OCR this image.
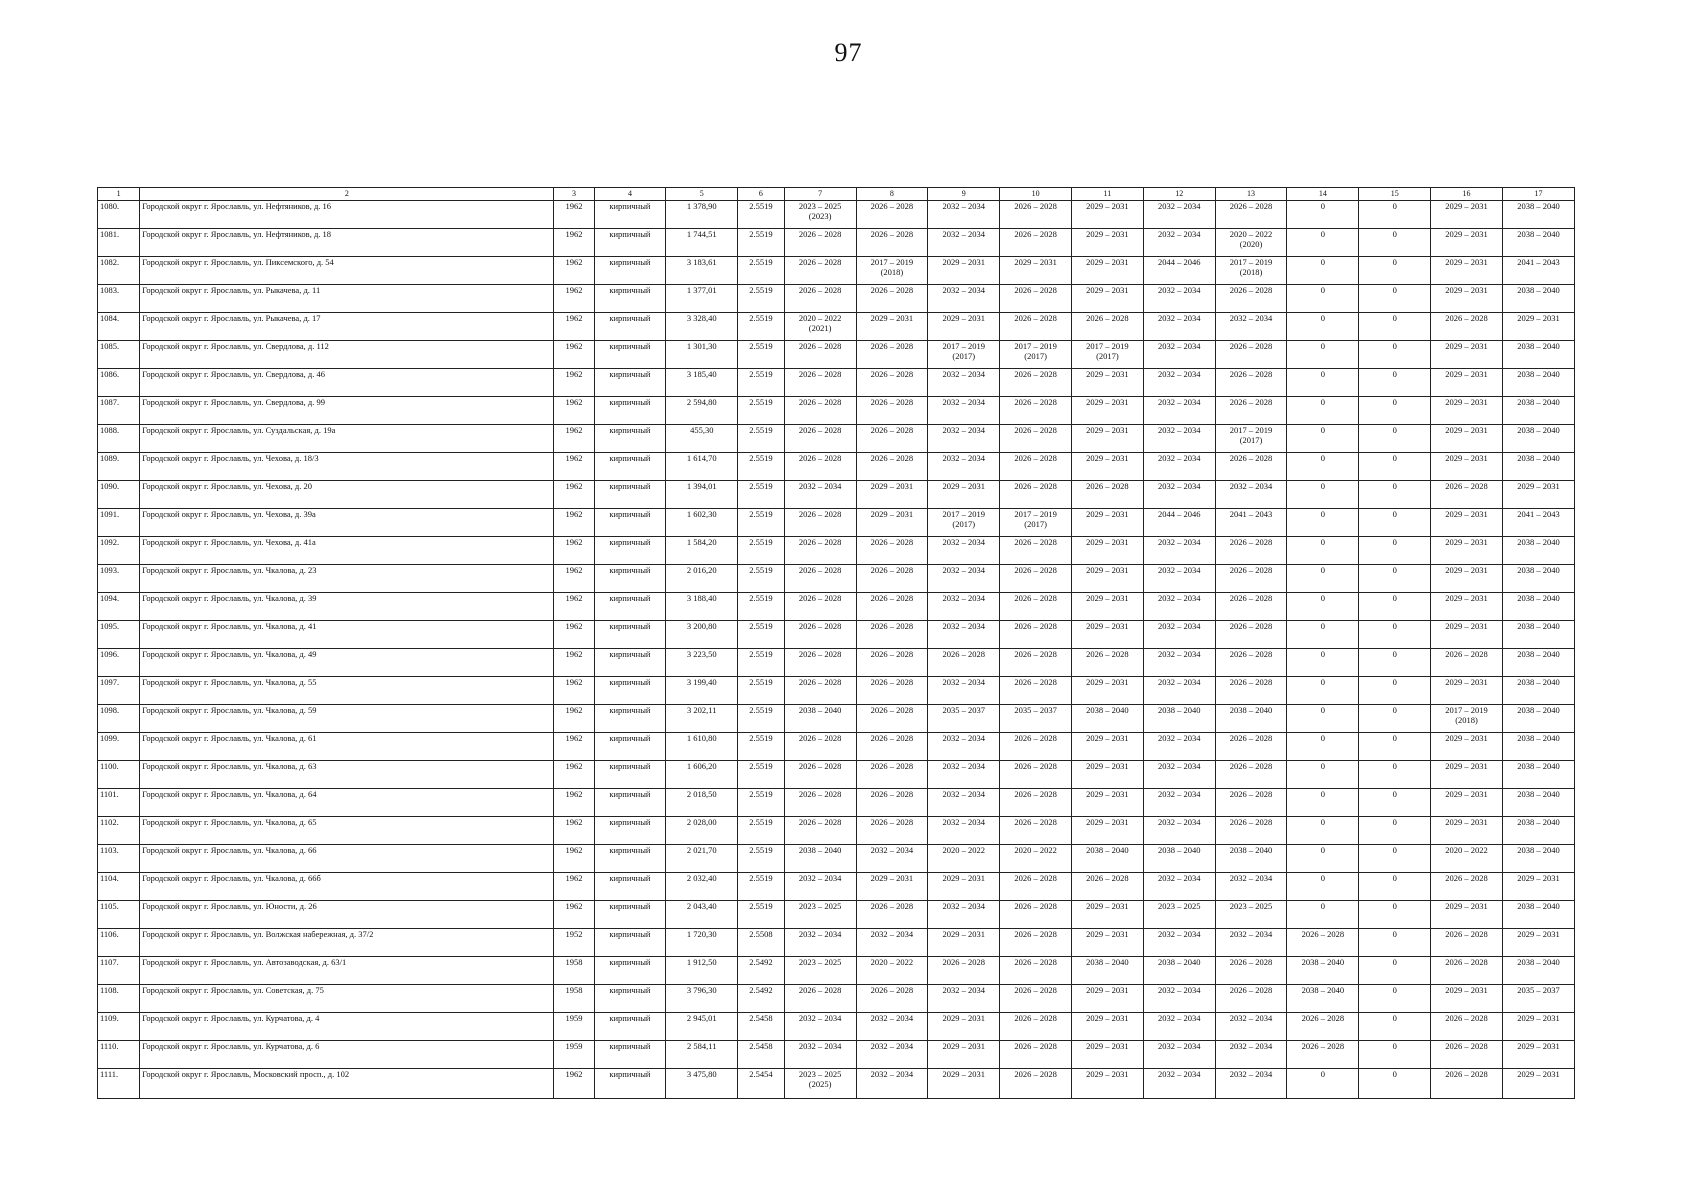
97
1	2	3	4	5	6	7	8	9	10	11	12	13	14	15	16	17
1080.	Городской округ г. Ярославль, ул. Нефтяников, д. 16	1962	кирпичный	1 378,90	2.5519	2023 – 2025 (2023)	2026 – 2028	2032 – 2034	2026 – 2028	2029 – 2031	2032 – 2034	2026 – 2028	0	0	2029 – 2031	2038 – 2040
1081.	Городской округ г. Ярославль, ул. Нефтяников, д. 18	1962	кирпичный	1 744,51	2.5519	2026 – 2028	2026 – 2028	2032 – 2034	2026 – 2028	2029 – 2031	2032 – 2034	2020 – 2022 (2020)	0	0	2029 – 2031	2038 – 2040
1082.	Городской округ г. Ярославль, ул. Пиксемского, д. 54	1962	кирпичный	3 183,61	2.5519	2026 – 2028	2017 – 2019 (2018)	2029 – 2031	2029 – 2031	2029 – 2031	2044 – 2046	2017 – 2019 (2018)	0	0	2029 – 2031	2041 – 2043
1083.	Городской округ г. Ярославль, ул. Рыкачева, д. 11	1962	кирпичный	1 377,01	2.5519	2026 – 2028	2026 – 2028	2032 – 2034	2026 – 2028	2029 – 2031	2032 – 2034	2026 – 2028	0	0	2029 – 2031	2038 – 2040
1084.	Городской округ г. Ярославль, ул. Рыкачева, д. 17	1962	кирпичный	3 328,40	2.5519	2020 – 2022 (2021)	2029 – 2031	2029 – 2031	2026 – 2028	2026 – 2028	2032 – 2034	2032 – 2034	0	0	2026 – 2028	2029 – 2031
1085.	Городской округ г. Ярославль, ул. Свердлова, д. 112	1962	кирпичный	1 301,30	2.5519	2026 – 2028	2026 – 2028	2017 – 2019 (2017)	2017 – 2019 (2017)	2017 – 2019 (2017)	2032 – 2034	2026 – 2028	0	0	2029 – 2031	2038 – 2040
1086.	Городской округ г. Ярославль, ул. Свердлова, д. 46	1962	кирпичный	3 185,40	2.5519	2026 – 2028	2026 – 2028	2032 – 2034	2026 – 2028	2029 – 2031	2032 – 2034	2026 – 2028	0	0	2029 – 2031	2038 – 2040
1087.	Городской округ г. Ярославль, ул. Свердлова, д. 99	1962	кирпичный	2 594,80	2.5519	2026 – 2028	2026 – 2028	2032 – 2034	2026 – 2028	2029 – 2031	2032 – 2034	2026 – 2028	0	0	2029 – 2031	2038 – 2040
1088.	Городской округ г. Ярославль, ул. Суздальская, д. 19а	1962	кирпичный	455,30	2.5519	2026 – 2028	2026 – 2028	2032 – 2034	2026 – 2028	2029 – 2031	2032 – 2034	2017 – 2019 (2017)	0	0	2029 – 2031	2038 – 2040
1089.	Городской округ г. Ярославль, ул. Чехова, д. 18/3	1962	кирпичный	1 614,70	2.5519	2026 – 2028	2026 – 2028	2032 – 2034	2026 – 2028	2029 – 2031	2032 – 2034	2026 – 2028	0	0	2029 – 2031	2038 – 2040
1090.	Городской округ г. Ярославль, ул. Чехова, д. 20	1962	кирпичный	1 394,01	2.5519	2032 – 2034	2029 – 2031	2029 – 2031	2026 – 2028	2026 – 2028	2032 – 2034	2032 – 2034	0	0	2026 – 2028	2029 – 2031
1091.	Городской округ г. Ярославль, ул. Чехова, д. 39а	1962	кирпичный	1 602,30	2.5519	2026 – 2028	2029 – 2031	2017 – 2019 (2017)	2017 – 2019 (2017)	2029 – 2031	2044 – 2046	2041 – 2043	0	0	2029 – 2031	2041 – 2043
1092.	Городской округ г. Ярославль, ул. Чехова, д. 41а	1962	кирпичный	1 584,20	2.5519	2026 – 2028	2026 – 2028	2032 – 2034	2026 – 2028	2029 – 2031	2032 – 2034	2026 – 2028	0	0	2029 – 2031	2038 – 2040
1093.	Городской округ г. Ярославль, ул. Чкалова, д. 23	1962	кирпичный	2 016,20	2.5519	2026 – 2028	2026 – 2028	2032 – 2034	2026 – 2028	2029 – 2031	2032 – 2034	2026 – 2028	0	0	2029 – 2031	2038 – 2040
1094.	Городской округ г. Ярославль, ул. Чкалова, д. 39	1962	кирпичный	3 188,40	2.5519	2026 – 2028	2026 – 2028	2032 – 2034	2026 – 2028	2029 – 2031	2032 – 2034	2026 – 2028	0	0	2029 – 2031	2038 – 2040
1095.	Городской округ г. Ярославль, ул. Чкалова, д. 41	1962	кирпичный	3 200,80	2.5519	2026 – 2028	2026 – 2028	2032 – 2034	2026 – 2028	2029 – 2031	2032 – 2034	2026 – 2028	0	0	2029 – 2031	2038 – 2040
1096.	Городской округ г. Ярославль, ул. Чкалова, д. 49	1962	кирпичный	3 223,50	2.5519	2026 – 2028	2026 – 2028	2026 – 2028	2026 – 2028	2026 – 2028	2032 – 2034	2026 – 2028	0	0	2026 – 2028	2038 – 2040
1097.	Городской округ г. Ярославль, ул. Чкалова, д. 55	1962	кирпичный	3 199,40	2.5519	2026 – 2028	2026 – 2028	2032 – 2034	2026 – 2028	2029 – 2031	2032 – 2034	2026 – 2028	0	0	2029 – 2031	2038 – 2040
1098.	Городской округ г. Ярославль, ул. Чкалова, д. 59	1962	кирпичный	3 202,11	2.5519	2038 – 2040	2026 – 2028	2035 – 2037	2035 – 2037	2038 – 2040	2038 – 2040	2038 – 2040	0	0	2017 – 2019 (2018)	2038 – 2040
1099.	Городской округ г. Ярославль, ул. Чкалова, д. 61	1962	кирпичный	1 610,80	2.5519	2026 – 2028	2026 – 2028	2032 – 2034	2026 – 2028	2029 – 2031	2032 – 2034	2026 – 2028	0	0	2029 – 2031	2038 – 2040
1100.	Городской округ г. Ярославль, ул. Чкалова, д. 63	1962	кирпичный	1 606,20	2.5519	2026 – 2028	2026 – 2028	2032 – 2034	2026 – 2028	2029 – 2031	2032 – 2034	2026 – 2028	0	0	2029 – 2031	2038 – 2040
1101.	Городской округ г. Ярославль, ул. Чкалова, д. 64	1962	кирпичный	2 018,50	2.5519	2026 – 2028	2026 – 2028	2032 – 2034	2026 – 2028	2029 – 2031	2032 – 2034	2026 – 2028	0	0	2029 – 2031	2038 – 2040
1102.	Городской округ г. Ярославль, ул. Чкалова, д. 65	1962	кирпичный	2 028,00	2.5519	2026 – 2028	2026 – 2028	2032 – 2034	2026 – 2028	2029 – 2031	2032 – 2034	2026 – 2028	0	0	2029 – 2031	2038 – 2040
1103.	Городской округ г. Ярославль, ул. Чкалова, д. 66	1962	кирпичный	2 021,70	2.5519	2038 – 2040	2032 – 2034	2020 – 2022	2020 – 2022	2038 – 2040	2038 – 2040	2038 – 2040	0	0	2020 – 2022	2038 – 2040
1104.	Городской округ г. Ярославль, ул. Чкалова, д. 66б	1962	кирпичный	2 032,40	2.5519	2032 – 2034	2029 – 2031	2029 – 2031	2026 – 2028	2026 – 2028	2032 – 2034	2032 – 2034	0	0	2026 – 2028	2029 – 2031
1105.	Городской округ г. Ярославль, ул. Юности, д. 26	1962	кирпичный	2 043,40	2.5519	2023 – 2025	2026 – 2028	2032 – 2034	2026 – 2028	2029 – 2031	2023 – 2025	2023 – 2025	0	0	2029 – 2031	2038 – 2040
1106.	Городской округ г. Ярославль, ул. Волжская набережная, д. 37/2	1952	кирпичный	1 720,30	2.5508	2032 – 2034	2032 – 2034	2029 – 2031	2026 – 2028	2029 – 2031	2032 – 2034	2032 – 2034	2026 – 2028	0	2026 – 2028	2029 – 2031
1107.	Городской округ г. Ярославль, ул. Автозаводская, д. 63/1	1958	кирпичный	1 912,50	2.5492	2023 – 2025	2020 – 2022	2026 – 2028	2026 – 2028	2038 – 2040	2038 – 2040	2026 – 2028	2038 – 2040	0	2026 – 2028	2038 – 2040
1108.	Городской округ г. Ярославль, ул. Советская, д. 75	1958	кирпичный	3 796,30	2.5492	2026 – 2028	2026 – 2028	2032 – 2034	2026 – 2028	2029 – 2031	2032 – 2034	2026 – 2028	2038 – 2040	0	2029 – 2031	2035 – 2037
1109.	Городской округ г. Ярославль, ул. Курчатова, д. 4	1959	кирпичный	2 945,01	2.5458	2032 – 2034	2032 – 2034	2029 – 2031	2026 – 2028	2029 – 2031	2032 – 2034	2032 – 2034	2026 – 2028	0	2026 – 2028	2029 – 2031
1110.	Городской округ г. Ярославль, ул. Курчатова, д. 6	1959	кирпичный	2 584,11	2.5458	2032 – 2034	2032 – 2034	2029 – 2031	2026 – 2028	2029 – 2031	2032 – 2034	2032 – 2034	2026 – 2028	0	2026 – 2028	2029 – 2031
1111.	Городской округ г. Ярославль, Московский просп., д. 102	1962	кирпичный	3 475,80	2.5454	2023 – 2025 (2025)	2032 – 2034	2029 – 2031	2026 – 2028	2029 – 2031	2032 – 2034	2032 – 2034	0	0	2026 – 2028	2029 – 2031
